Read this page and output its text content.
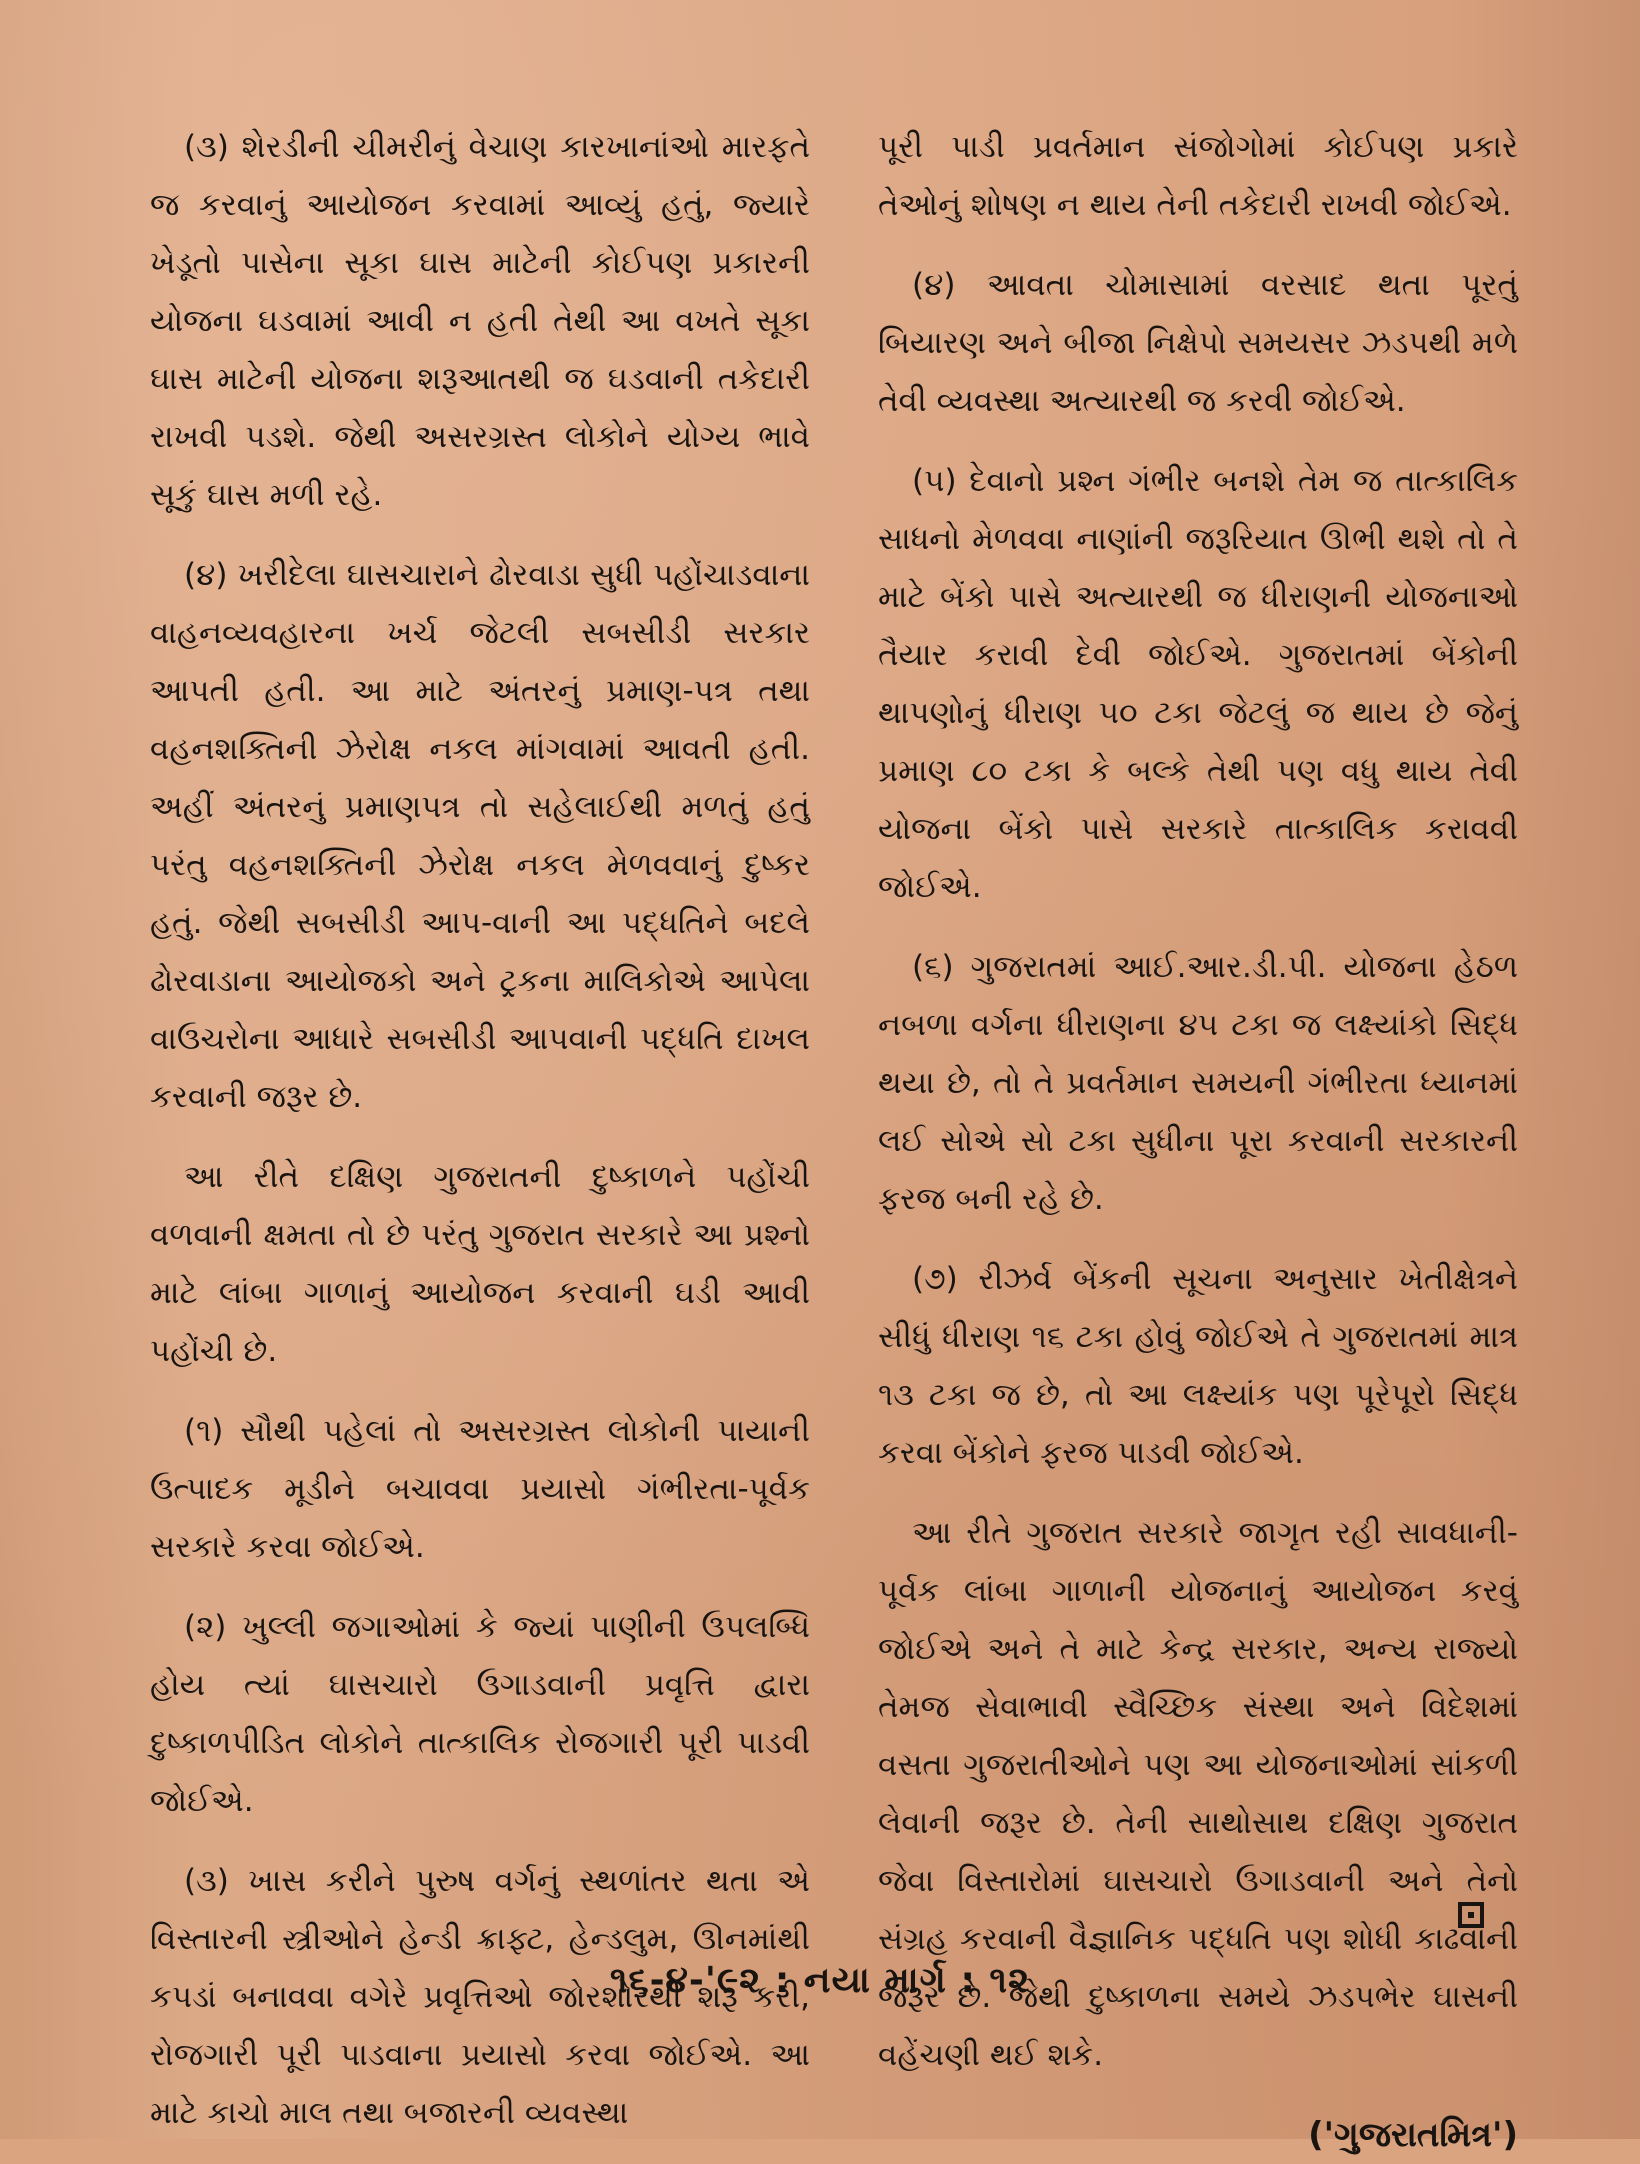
(૩) શેરડીની ચીમરીનું વેચાણ કારખાનાંઓ મારફતે જ કરવાનું આયોજન કરવામાં આવ્યું હતું, જ્યારે ખેડૂતો પાસેના સૂકા ઘાસ માટેની કોઈપણ પ્રકારની યોજના ઘડવામાં આવી ન હતી તેથી આ વખતે સૂકા ઘાસ માટેની યોજના શરૂઆતથી જ ઘડવાની તકેદારી રાખવી પડશે. જેથી અસરગ્રસ્ત લોકોને યોગ્ય ભાવે સૂકું ઘાસ મળી રહે.

(૪) ખરીદેલા ઘાસચારાને ઢોરવાડા સુધી પહોંચાડવાના વાહનવ્યવહારના ખર્ચ જેટલી સબસીડી સરકાર આપતી હતી. આ માટે અંતરનું પ્રમાણ-પત્ર તથા વહનશક્તિની ઝેરોક્ષ નકલ માંગવામાં આવતી હતી. અહીં અંતરનું પ્રમાણપત્ર તો સહેલાઈથી મળતું હતું પરંતુ વહનશક્તિની ઝેરોક્ષ નકલ મેળવવાનું દુષ્કર હતું. જેથી સબસીડી આપ-વાની આ પદ્ધતિને બદલે ઢોરવાડાના આયોજકો અને ટ્રકના માલિકોએ આપેલા વાઉચરોના આધારે સબસીડી આપવાની પદ્ધતિ દાખલ કરવાની જરૂર છે.

આ રીતે દક્ષિણ ગુજરાતની દુષ્કાળને પહોંચી વળવાની ક્ષમતા તો છે પરંતુ ગુજરાત સરકારે આ પ્રશ્નો માટે લાંબા ગાળાનું આયોજન કરવાની ઘડી આવી પહોંચી છે.

(૧) સૌથી પહેલાં તો અસરગ્રસ્ત લોકોની પાયાની ઉત્પાદક મૂડીને બચાવવા પ્રયાસો ગંભીરતા-પૂર્વક સરકારે કરવા જોઈએ.

(૨) ખુલ્લી જગાઓમાં કે જ્યાં પાણીની ઉપલબ્ધિ હોય ત્યાં ઘાસચારો ઉગાડવાની પ્રવૃત્તિ દ્વારા દુષ્કાળપીડિત લોકોને તાત્કાલિક રોજગારી પૂરી પાડવી જોઈએ.

(૩) ખાસ કરીને પુરુષ વર્ગનું સ્થળાંતર થતા એ વિસ્તારની સ્ત્રીઓને હેન્ડી ક્રાફ્ટ, હેન્ડલુમ, ઊનમાંથી કપડાં બનાવવા વગેરે પ્રવૃત્તિઓ જોરશોરથી શરૂ કરી, રોજગારી પૂરી પાડવાના પ્રયાસો કરવા જોઈએ. આ માટે કાચો માલ તથા બજારની વ્યવસ્થા

પૂરી પાડી પ્રવર્તમાન સંજોગોમાં કોઈપણ પ્રકારે તેઓનું શોષણ ન થાય તેની તકેદારી રાખવી જોઈએ.

(૪) આવતા ચોમાસામાં વરસાદ થતા પૂરતું બિયારણ અને બીજા નિક્ષેપો સમયસર ઝડપથી મળે તેવી વ્યવસ્થા અત્યારથી જ કરવી જોઈએ.

(૫) દેવાનો પ્રશ્ન ગંભીર બનશે તેમ જ તાત્કાલિક સાધનો મેળવવા નાણાંની જરૂરિયાત ઊભી થશે તો તે માટે બેંકો પાસે અત્યારથી જ ધીરાણની યોજનાઓ તૈયાર કરાવી દેવી જોઈએ. ગુજરાતમાં બેંકોની થાપણોનું ધીરાણ ૫૦ ટકા જેટલું જ થાય છે જેનું પ્રમાણ ૮૦ ટકા કે બલ્કે તેથી પણ વધુ થાય તેવી યોજના બેંકો પાસે સરકારે તાત્કાલિક કરાવવી જોઈએ.

(૬) ગુજરાતમાં આઈ.આર.ડી.પી. યોજના હેઠળ નબળા વર્ગના ધીરાણના ૪૫ ટકા જ લક્ષ્યાંકો સિદ્ધ થયા છે, તો તે પ્રવર્તમાન સમયની ગંભીરતા ધ્યાનમાં લઈ સોએ સો ટકા સુધીના પૂરા કરવાની સરકારની ફરજ બની રહે છે.

(૭) રીઝર્વ બેંકની સૂચના અનુસાર ખેતીક્ષેત્રને સીધું ધીરાણ ૧૬ ટકા હોવું જોઈએ તે ગુજરાતમાં માત્ર ૧૩ ટકા જ છે, તો આ લક્ષ્યાંક પણ પૂરેપૂરો સિદ્ધ કરવા બેંકોને ફરજ પાડવી જોઈએ.

આ રીતે ગુજરાત સરકારે જાગૃત રહી સાવધાની-પૂર્વક લાંબા ગાળાની યોજનાનું આયોજન કરવું જોઈએ અને તે માટે કેન્દ્ર સરકાર, અન્ય રાજ્યો તેમજ સેવાભાવી સ્વૈચ્છિક સંસ્થા અને વિદેશમાં વસતા ગુજરાતીઓને પણ આ યોજનાઓમાં સાંકળી લેવાની જરૂર છે. તેની સાથોસાથ દક્ષિણ ગુજરાત જેવા વિસ્તારોમાં ઘાસચારો ઉગાડવાની અને તેનો સંગ્રહ કરવાની વૈજ્ઞાનિક પદ્ધતિ પણ શોધી કાઢવાની જરૂર છે. જેથી દુષ્કાળના સમયે ઝડપભેર ઘાસની વહેંચણી થઈ શકે.

('ગુજરાતમિત્ર')
૧૬-૪-'૯૨ : નયા માર્ગ : ૧૨
